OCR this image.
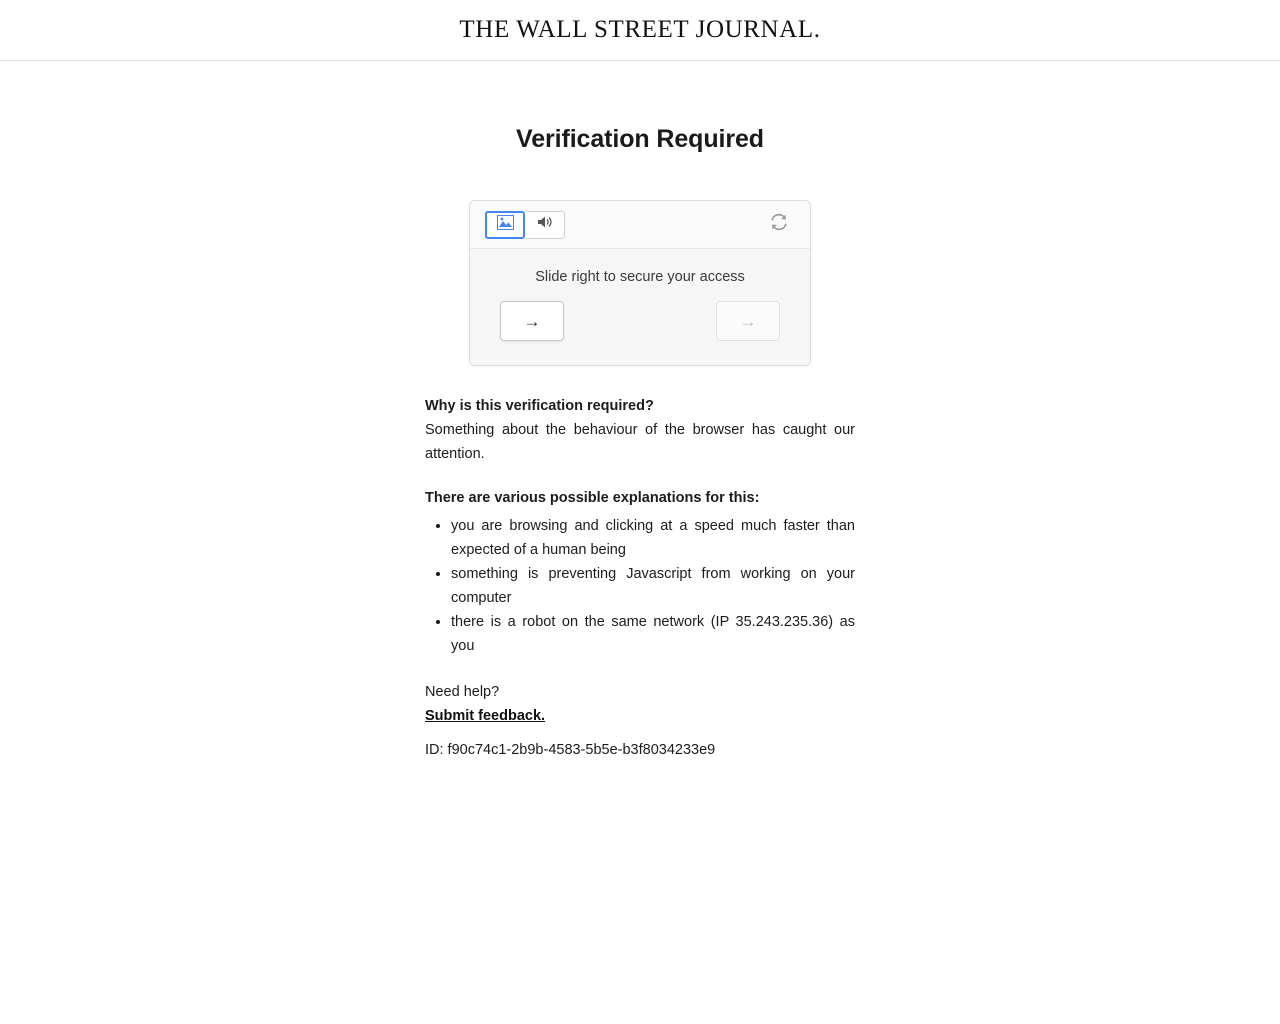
THE WALL STREET JOURNAL.
Verification Required
Slide right to secure your access
→	→
Why is this verification required?

Something about the behaviour of the browser has caught our attention.

There are various possible explanations for this:
• you are browsing and clicking at a speed much faster than expected of a human being
• something is preventing Javascript from working on your computer
• there is a robot on the same network (IP 35.243.235.36) as you
Need help?
Submit feedback.
ID: f90c74c1-2b9b-4583-5b5e-b3f8034233e9
